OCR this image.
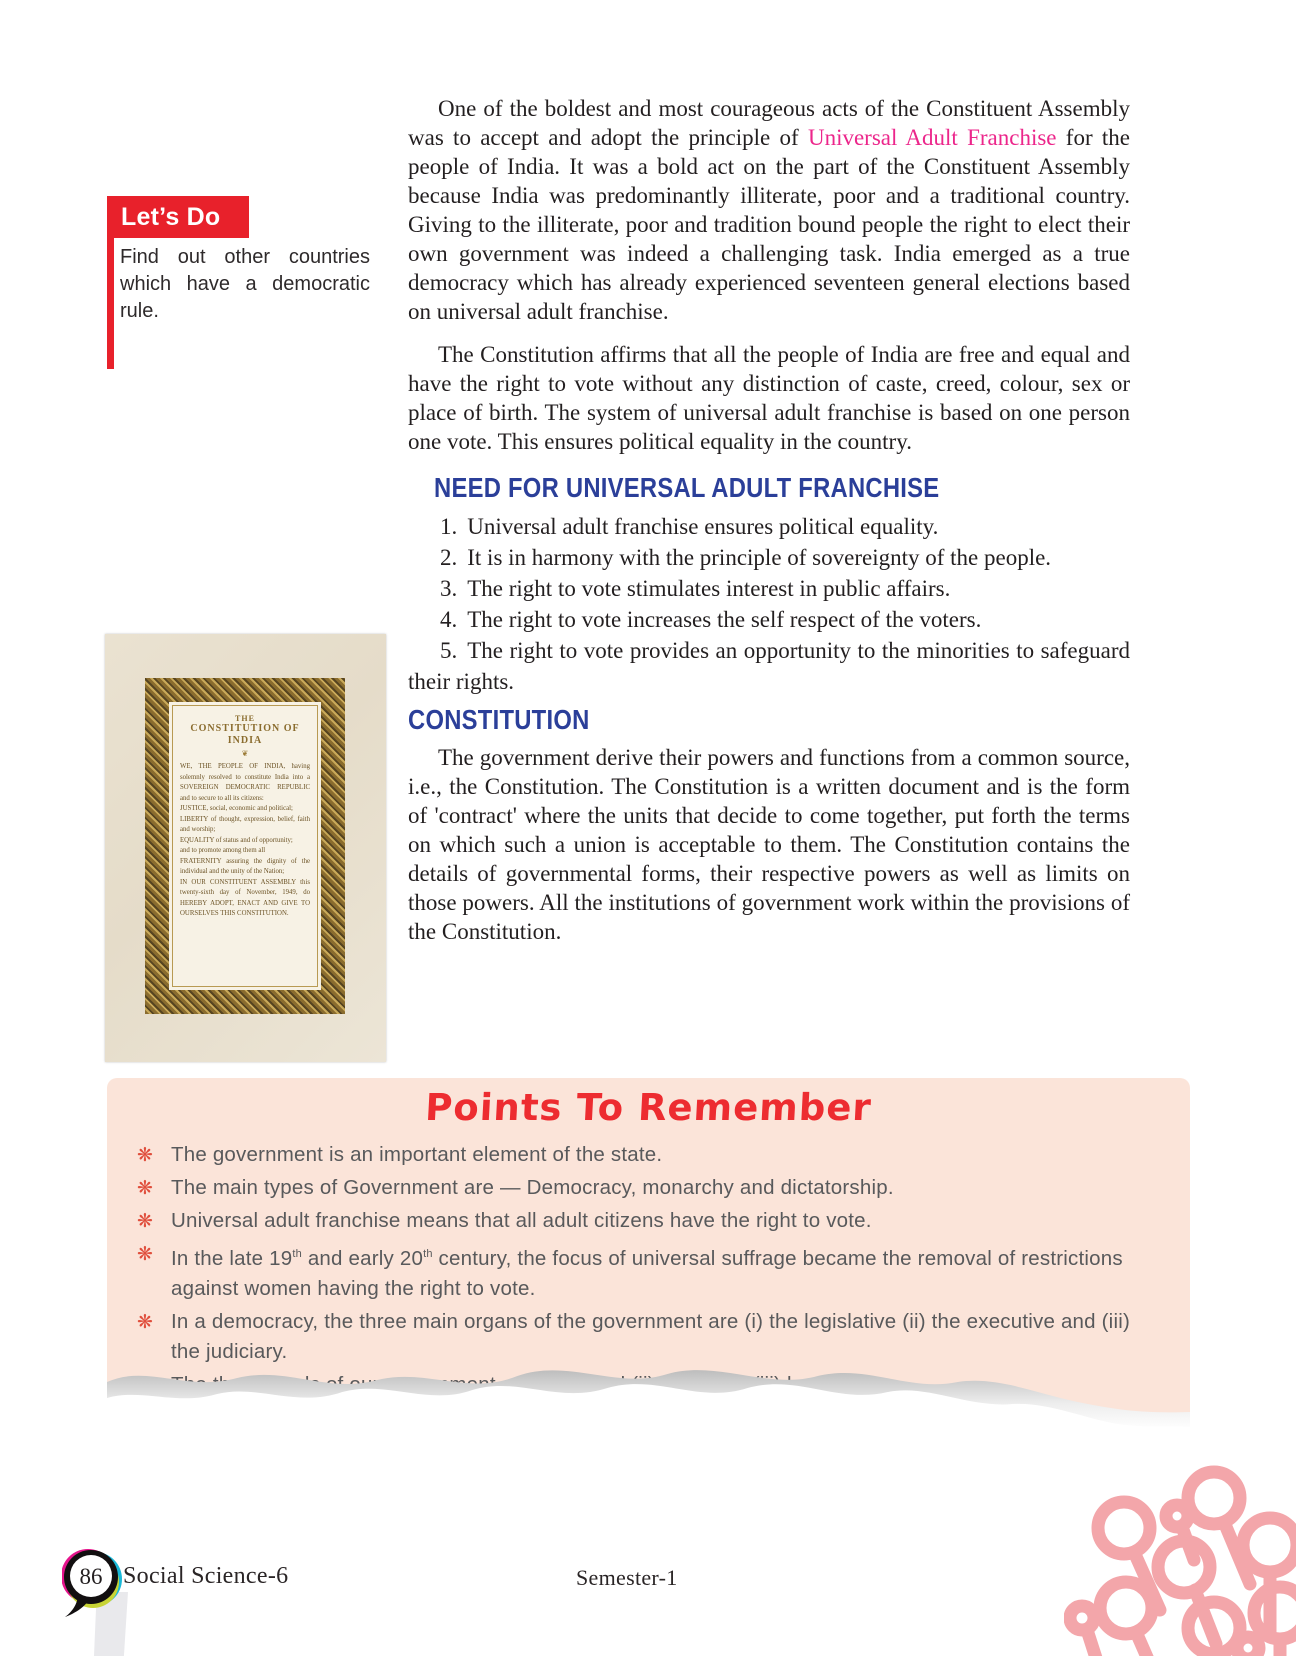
Let’s Do
Find out other countries which have a democratic rule.

One of the boldest and most courageous acts of the Constituent Assembly was to accept and adopt the principle of Universal Adult Franchise for the people of India. It was a bold act on the part of the Constituent Assembly because India was predominantly illiterate, poor and a traditional country. Giving to the illiterate, poor and tradition bound people the right to elect their own government was indeed a challenging task. India emerged as a true democracy which has already experienced seventeen general elections based on universal adult franchise.

The Constitution affirms that all the people of India are free and equal and have the right to vote without any distinction of caste, creed, colour, sex or place of birth. The system of universal adult franchise is based on one person one vote. This ensures political equality in the country.

NEED FOR UNIVERSAL ADULT FRANCHISE

1. Universal adult franchise ensures political equality.

2. It is in harmony with the principle of sovereignty of the people.

3. The right to vote stimulates interest in public affairs.

4. The right to vote increases the self respect of the voters.

5. The right to vote provides an opportunity to the minorities to safeguard their rights.

CONSTITUTION

The government derive their powers and functions from a common source, i.e., the Constitution. The Constitution is a written document and is the form of 'contract' where the units that decide to come together, put forth the terms on which such a union is acceptable to them. The Constitution contains the details of governmental forms, their respective powers as well as limits on those powers. All the institutions of government work within the provisions of the Constitution.

THE
CONSTITUTION OF INDIA
❦
WE, THE PEOPLE OF INDIA, having solemnly resolved to constitute India into a SOVEREIGN DEMOCRATIC REPUBLIC and to secure to all its citizens:
JUSTICE, social, economic and political;
LIBERTY of thought, expression, belief, faith and worship;
EQUALITY of status and of opportunity;
and to promote among them all
FRATERNITY assuring the dignity of the individual and the unity of the Nation;
IN OUR CONSTITUENT ASSEMBLY this twenty-sixth day of November, 1949, do HEREBY ADOPT, ENACT AND GIVE TO OURSELVES THIS CONSTITUTION.
Points To Remember
❋ The government is an important element of the state.
❋ The main types of Government are — Democracy, monarchy and dictatorship.
❋ Universal adult franchise means that all adult citizens have the right to vote.
❋ In the late 19th and early 20th century, the focus of universal suffrage became the removal of restrictions against women having the right to vote.
❋ In a democracy, the three main organs of the government are (i) the legislative (ii) the executive and (iii) the judiciary.
86 Social Science-6	Semester-1
